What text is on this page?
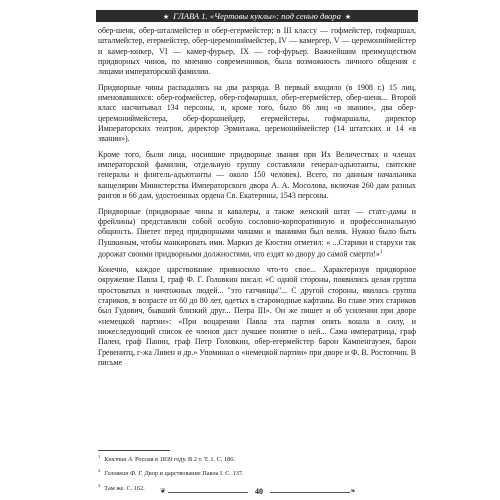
★ ГЛАВА 1. «Чертовы куклы»: под сенью двора ★

обер-шенк, обер-шталмейстер и обер-егермейстер; в III классу — гофмейстер, гофмаршал, шталмейстер, егермейстер, обер-церемониймейстер, IV — камергер, V — церемониймейстер и камер-юнкер, VI — камер-фурьер, IX — гоф-фурьер. Важнейшим преимуществом придворных чинов, по мнению современников, была возможность личного общения с лицами императорской фамилии.

Придворные чины распадались на два разряда. В первый входило (в 1908 г.) 15 лиц, именовавшихся: обер-гофмейстер, обер-гофмаршал, обер-егермейстер, обер-шенк... Второй класс насчитывал 134 персоны, и, кроме того, было 86 лиц «в звании», два обер-церемониймейстера, обер-форшнейдер, егермейстеры, гофмаршалы, директор Императорских театров, директор Эрмитажа, церемониймейстер (14 штатских и 14 «в звании»).

Кроме того, были лица, носившие придворные звания при Их Величествах и членах императорской фамилии, отдельную группу составляли генерал-адъютанты, свитские генералы и флигель-адъютанты — около 150 человек). Всего, по данным начальника канцелярии Министерства Императорского двора А. А. Мосолова, включая 260 дам разных рангов и 66 дам, удостоенных ордена Св. Екатерины, 1543 персоны.

Придворные (придворные чины и кавалеры, а также женский штат — статс-дамы и фрейлины) представляли собой особую сословно-корпоративную и профессиональную общность. Пиетет перед придворными чинами и званиями был велик. Нужно было быть Пушкиным, чтобы манкировать ими. Маркиз де Кюстин отметил: « ...Старики и старухи так дорожат своими придворными должностями, что ездят ко двору до самой смерти!»$^1$

Конечно, каждое царствование привносило что-то свое... Характеризуя придворное окружение Павла I, граф Ф. Г. Головкин писал: «С одной стороны, появились целая группа простоватых и ничтожных людей... "это гатчинцы"... С другой стороны, явилась группа стариков, в возрасте от 60 до 80 лет, одетых в старомодные кафтаны. Во главе этих стариков был Гудович, бывший близкий друг... Петра III». Он же пишет и об усилении при дворе «немецкой партии»: «При воцарении Павла эта партия опять вошла в силу, и нижеследующий список ее членов даст лучшее понятие о ней... Сама императрица, граф Пален, граф Панин, граф Петр Головкин, обер-егермейстер барон Кампенгаузен, барон Гревенитц, г-жа Ливен и др.» Упоминал о «немецкой партии» при дворе и Ф. В. Ростопчин. В письме

$^1$ Кюстин А. Россия в 1839 году. В 2 т. Т. 1. С. 186.
$^2$ Головкин Ф. Г. Двор и царствование Павла I. С. 137.
$^3$ Там же. С. 162.	❦	40	❧
